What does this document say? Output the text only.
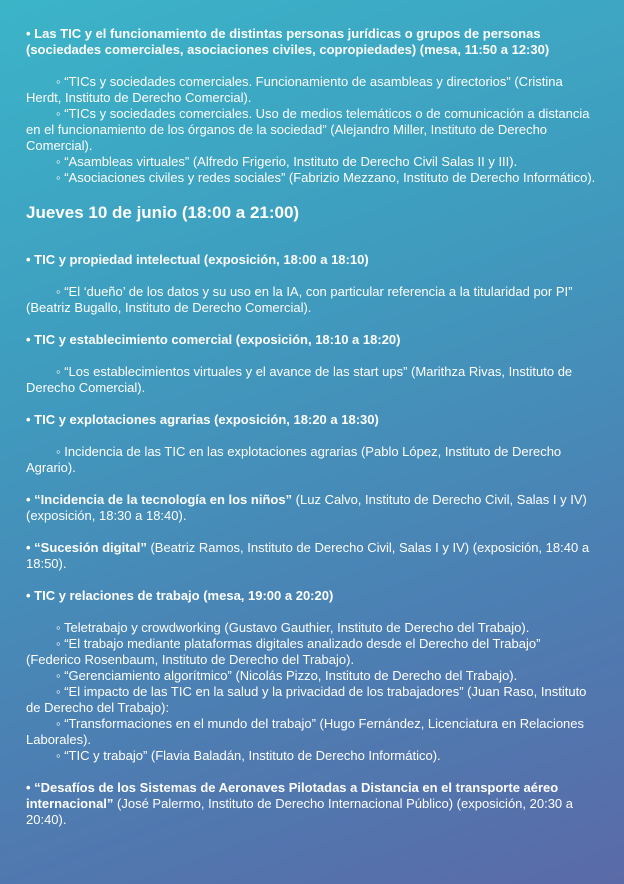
• Las TIC y el funcionamiento de distintas personas jurídicas o grupos de personas (sociedades comerciales, asociaciones civiles, copropiedades) (mesa, 11:50 a 12:30)

◦ “TICs y sociedades comerciales. Funcionamiento de asambleas y directorios” (Cristina Herdt, Instituto de Derecho Comercial).

◦ “TICs y sociedades comerciales. Uso de medios telemáticos o de comunicación a distancia en el funcionamiento de los órganos de la sociedad” (Alejandro Miller, Instituto de Derecho Comercial).

◦ “Asambleas virtuales” (Alfredo Frigerio, Instituto de Derecho Civil Salas II y III).

◦ “Asociaciones civiles y redes sociales” (Fabrizio Mezzano, Instituto de Derecho Informático).

Jueves 10 de junio (18:00 a 21:00)

• TIC y propiedad intelectual (exposición, 18:00 a 18:10)

◦ “El ‘dueño’ de los datos y su uso en la IA, con particular referencia a la titularidad por PI” (Beatriz Bugallo, Instituto de Derecho Comercial).

• TIC y establecimiento comercial (exposición, 18:10 a 18:20)

◦ “Los establecimientos virtuales y el avance de las start ups” (Marithza Rivas, Instituto de Derecho Comercial).

• TIC y explotaciones agrarias (exposición, 18:20 a 18:30)

◦ Incidencia de las TIC en las explotaciones agrarias (Pablo López, Instituto de Derecho Agrario).

• “Incidencia de la tecnología en los niños” (Luz Calvo, Instituto de Derecho Civil, Salas I y IV) (exposición, 18:30 a 18:40).

• “Sucesión digital” (Beatriz Ramos, Instituto de Derecho Civil, Salas I y IV) (exposición, 18:40 a 18:50).

• TIC y relaciones de trabajo (mesa, 19:00 a 20:20)

◦ Teletrabajo y crowdworking (Gustavo Gauthier, Instituto de Derecho del Trabajo).

◦ “El trabajo mediante plataformas digitales analizado desde el Derecho del Trabajo” (Federico Rosenbaum, Instituto de Derecho del Trabajo).

◦ “Gerenciamiento algorítmico” (Nicolás Pizzo, Instituto de Derecho del Trabajo).

◦ “El impacto de las TIC en la salud y la privacidad de los trabajadores” (Juan Raso, Instituto de Derecho del Trabajo):

◦ “Transformaciones en el mundo del trabajo” (Hugo Fernández, Licenciatura en Relaciones Laborales).

◦ “TIC y trabajo” (Flavia Baladán, Instituto de Derecho Informático).

• “Desafíos de los Sistemas de Aeronaves Pilotadas a Distancia en el transporte aéreo internacional” (José Palermo, Instituto de Derecho Internacional Público) (exposición, 20:30 a 20:40).
